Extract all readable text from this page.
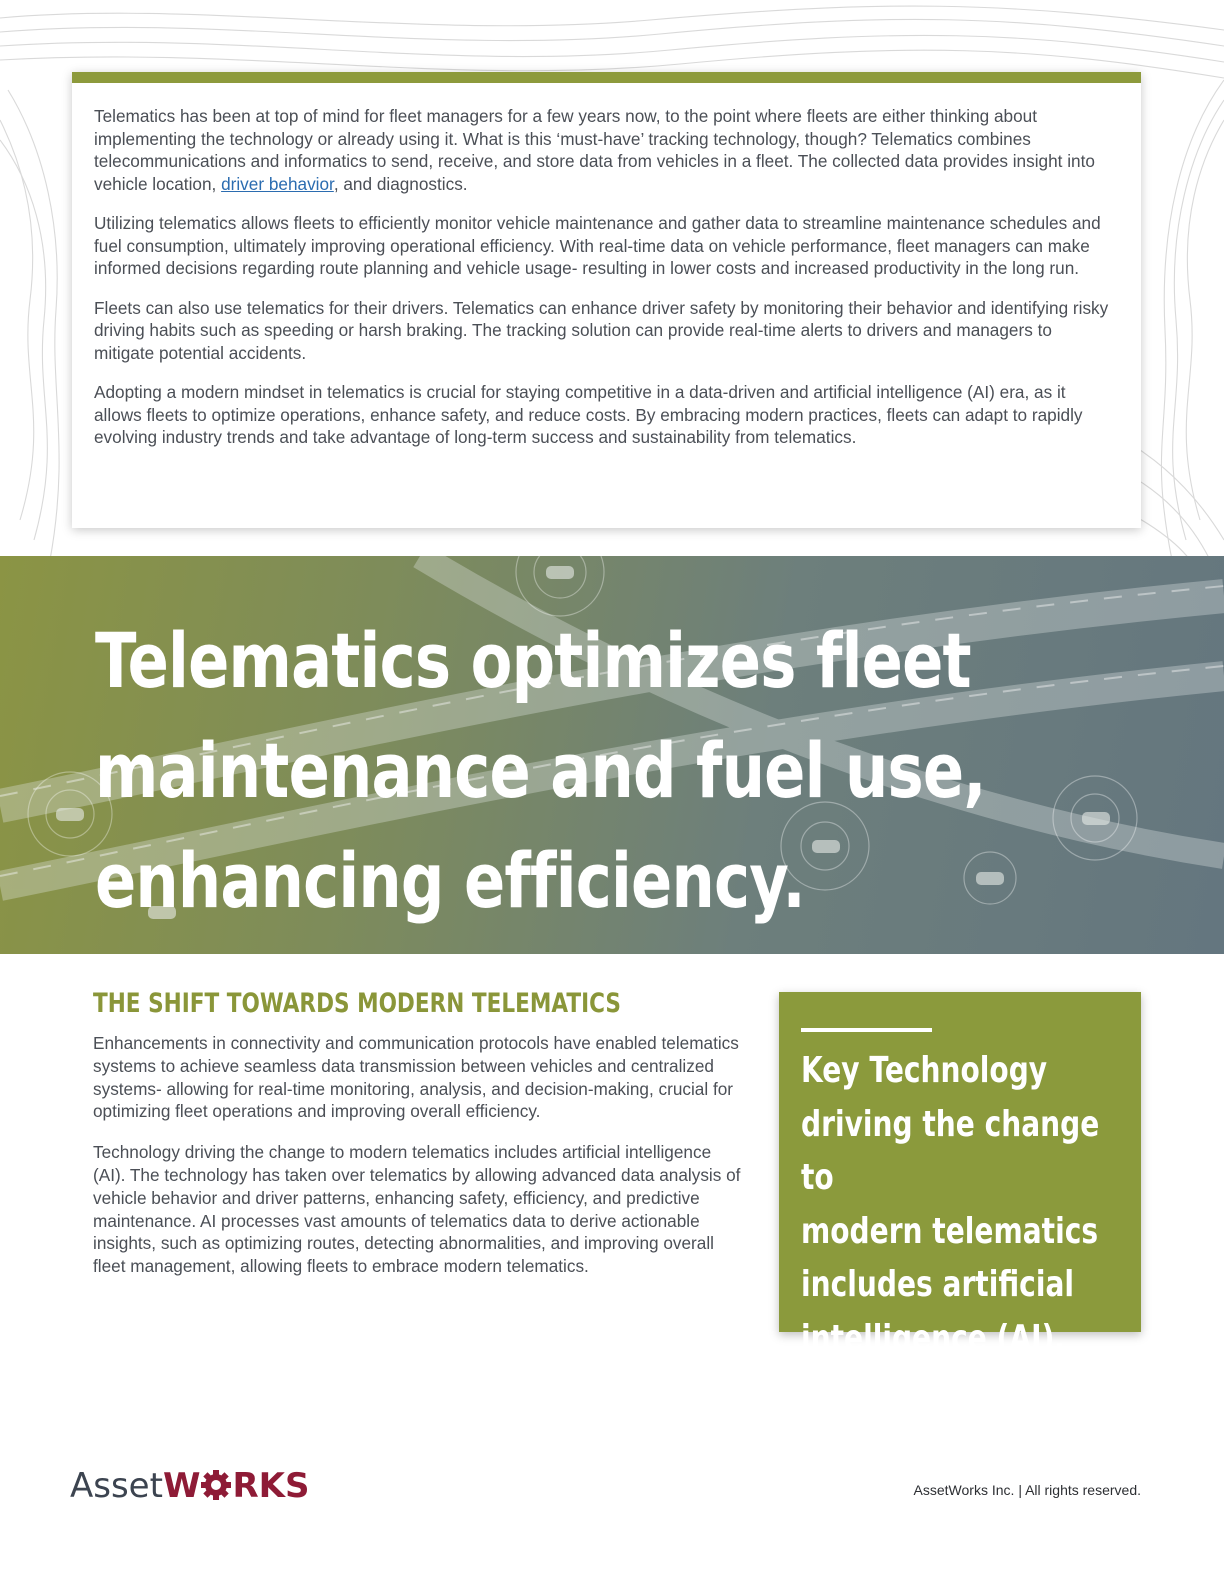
Telematics has been at top of mind for fleet managers for a few years now, to the point where fleets are either thinking about implementing the technology or already using it. What is this ‘must-have’ tracking technology, though? Telematics combines telecommunications and informatics to send, receive, and store data from vehicles in a fleet. The collected data provides insight into vehicle location, driver behavior, and diagnostics.

Utilizing telematics allows fleets to efficiently monitor vehicle maintenance and gather data to streamline maintenance schedules and fuel consumption, ultimately improving operational efficiency. With real-time data on vehicle performance, fleet managers can make informed decisions regarding route planning and vehicle usage- resulting in lower costs and increased productivity in the long run.

Fleets can also use telematics for their drivers. Telematics can enhance driver safety by monitoring their behavior and identifying risky driving habits such as speeding or harsh braking. The tracking solution can provide real-time alerts to drivers and managers to mitigate potential accidents.

Adopting a modern mindset in telematics is crucial for staying competitive in a data-driven and artificial intelligence (AI) era, as it allows fleets to optimize operations, enhance safety, and reduce costs. By embracing modern practices, fleets can adapt to rapidly evolving industry trends and take advantage of long-term success and sustainability from telematics.

Telematics optimizes fleet
maintenance and fuel use,
enhancing efficiency.
THE SHIFT TOWARDS MODERN TELEMATICS

Enhancements in connectivity and communication protocols have enabled telematics systems to achieve seamless data transmission between vehicles and centralized systems- allowing for real-time monitoring, analysis, and decision-making, crucial for optimizing fleet operations and improving overall efficiency.

Technology driving the change to modern telematics includes artificial intelligence (AI). The technology has taken over telematics by allowing advanced data analysis of vehicle behavior and driver patterns, enhancing safety, efficiency, and predictive maintenance. AI processes vast amounts of telematics data to derive actionable insights, such as optimizing routes, detecting abnormalities, and improving overall fleet management, allowing fleets to embrace modern telematics.

Key Technology
driving the change to
modern telematics
includes artificial
intelligence (AI).

AssetW RKS	AssetWorks Inc. | All rights reserved.
